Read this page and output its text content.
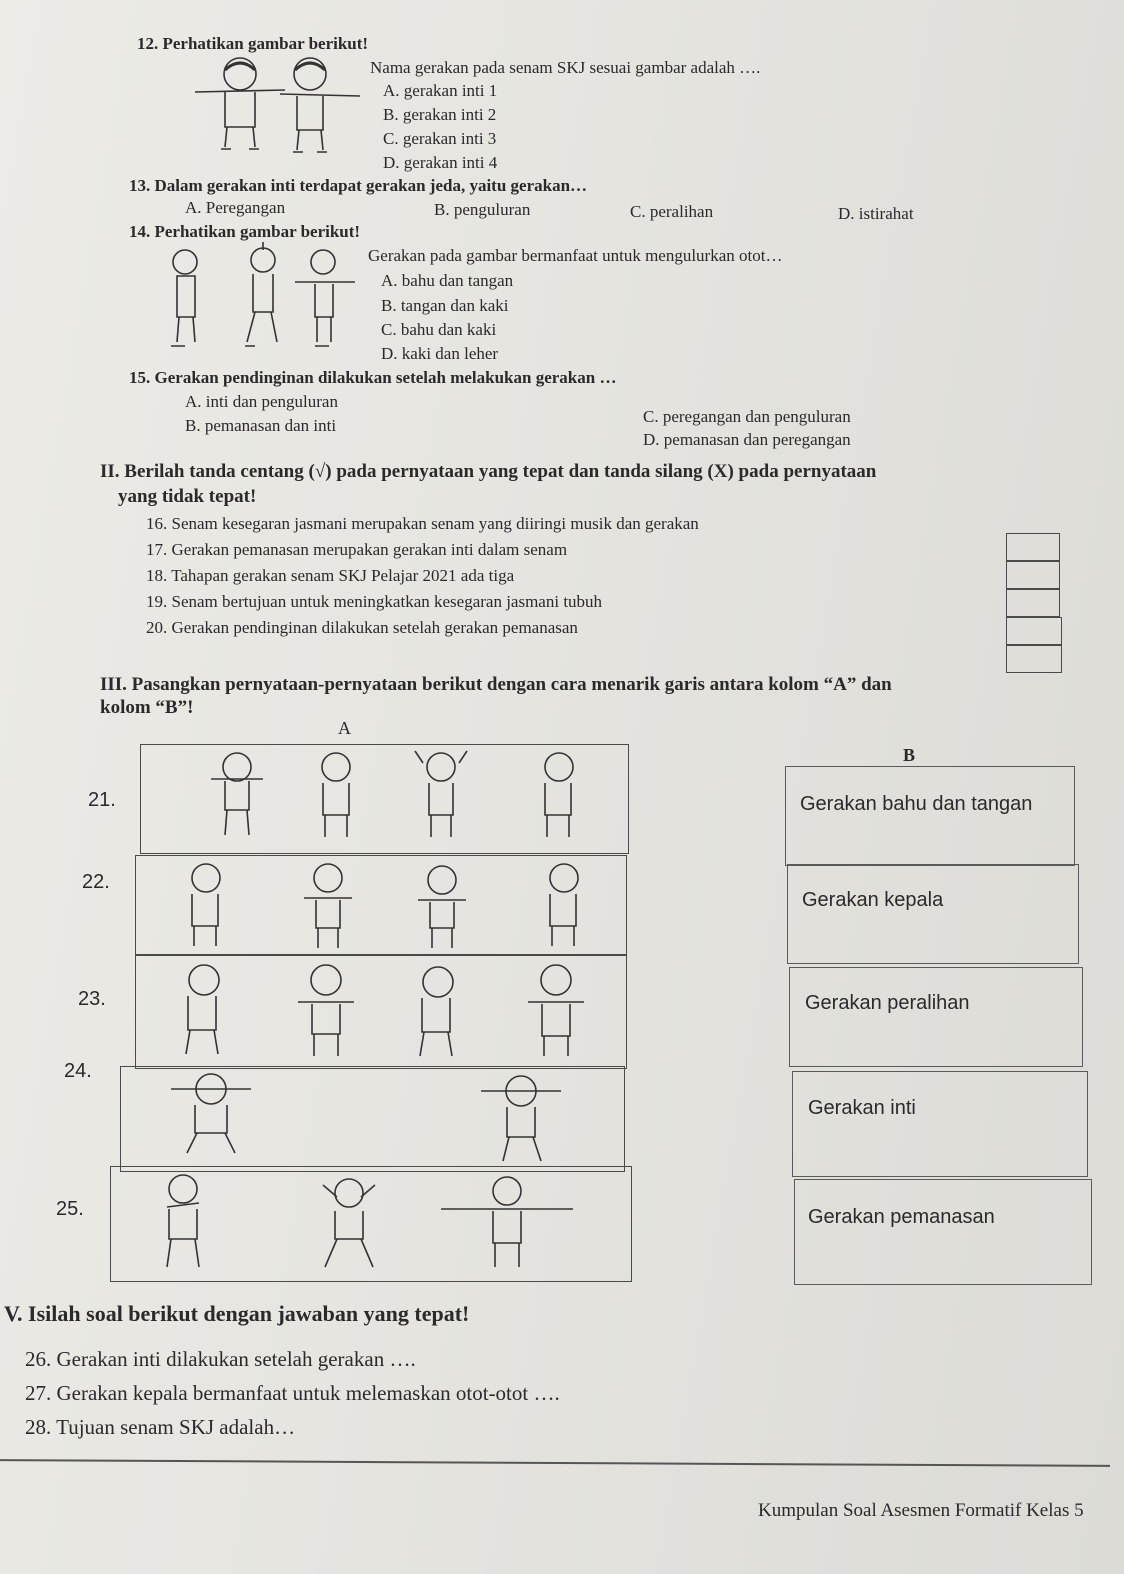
12. Perhatikan gambar berikut!
Nama gerakan pada senam SKJ sesuai gambar adalah ….
A. gerakan inti 1
B. gerakan inti 2
C. gerakan inti 3
D. gerakan inti 4
13. Dalam gerakan inti terdapat gerakan jeda, yaitu gerakan…
A. Peregangan	B. penguluran	C. peralihan	D. istirahat
14. Perhatikan gambar berikut!
Gerakan pada gambar bermanfaat untuk mengulurkan otot…
A. bahu dan tangan
B. tangan dan kaki
C. bahu dan kaki
D. kaki dan leher
15. Gerakan pendinginan dilakukan setelah melakukan gerakan …
A. inti dan penguluran
B. pemanasan dan inti	C. peregangan dan penguluran
D. pemanasan dan peregangan
II. Berilah tanda centang (√) pada pernyataan yang tepat dan tanda silang (X) pada pernyataan
yang tidak tepat!
16. Senam kesegaran jasmani merupakan senam yang diiringi musik dan gerakan
17. Gerakan pemanasan merupakan gerakan inti dalam senam
18. Tahapan gerakan senam SKJ Pelajar 2021 ada tiga
19. Senam bertujuan untuk meningkatkan kesegaran jasmani tubuh
20. Gerakan pendinginan dilakukan setelah gerakan pemanasan
III. Pasangkan pernyataan-pernyataan berikut dengan cara menarik garis antara kolom “A” dan
kolom “B”!
A
B
21.
22.
23.
24.
25.
Gerakan bahu dan tangan
Gerakan kepala
Gerakan peralihan
Gerakan inti
Gerakan pemanasan
V. Isilah soal berikut dengan jawaban yang tepat!
26. Gerakan inti dilakukan setelah gerakan ….
27. Gerakan kepala bermanfaat untuk melemaskan otot-otot ….
28. Tujuan senam SKJ adalah…
Kumpulan Soal Asesmen Formatif Kelas 5
